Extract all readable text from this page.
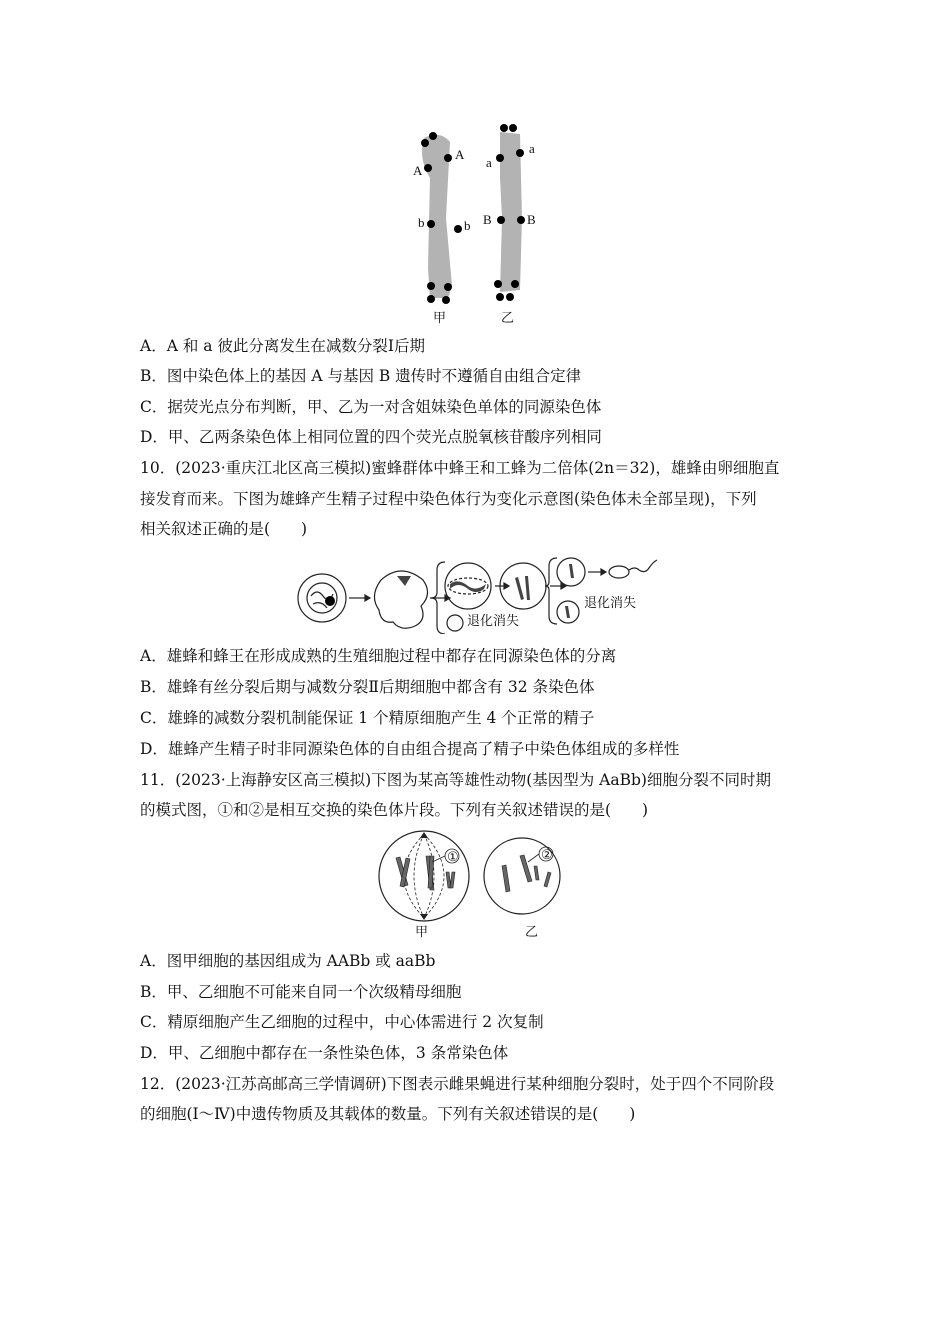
A
A
b	b
a
a
B	B
甲	乙
A．A 和 a 彼此分离发生在减数分裂Ⅰ后期
B．图中染色体上的基因 A 与基因 B 遗传时不遵循自由组合定律
C．据荧光点分布判断，甲、乙为一对含姐妹染色单体的同源染色体
D．甲、乙两条染色体上相同位置的四个荧光点脱氧核苷酸序列相同
10．(2023·重庆江北区高三模拟)蜜蜂群体中蜂王和工蜂为二倍体(2n＝32)，雄蜂由卵细胞直
接发育而来。下图为雄蜂产生精子过程中染色体行为变化示意图(染色体未全部呈现)，下列
相关叙述正确的是(　　)
退化消失
退化消失
A．雄蜂和蜂王在形成成熟的生殖细胞过程中都存在同源染色体的分离
B．雄蜂有丝分裂后期与减数分裂Ⅱ后期细胞中都含有 32 条染色体
C．雄蜂的减数分裂机制能保证 1 个精原细胞产生 4 个正常的精子
D．雄蜂产生精子时非同源染色体的自由组合提高了精子中染色体组成的多样性
11．(2023·上海静安区高三模拟)下图为某高等雄性动物(基因型为 AaBb)细胞分裂不同时期
的模式图，①和②是相互交换的染色体片段。下列有关叙述错误的是(　　)
①	②
甲	乙
A．图甲细胞的基因组成为 AABb 或 aaBb
B．甲、乙细胞不可能来自同一个次级精母细胞
C．精原细胞产生乙细胞的过程中，中心体需进行 2 次复制
D．甲、乙细胞中都存在一条性染色体，3 条常染色体
12．(2023·江苏高邮高三学情调研)下图表示雌果蝇进行某种细胞分裂时，处于四个不同阶段
的细胞(Ⅰ～Ⅳ)中遗传物质及其载体的数量。下列有关叙述错误的是(　　)
